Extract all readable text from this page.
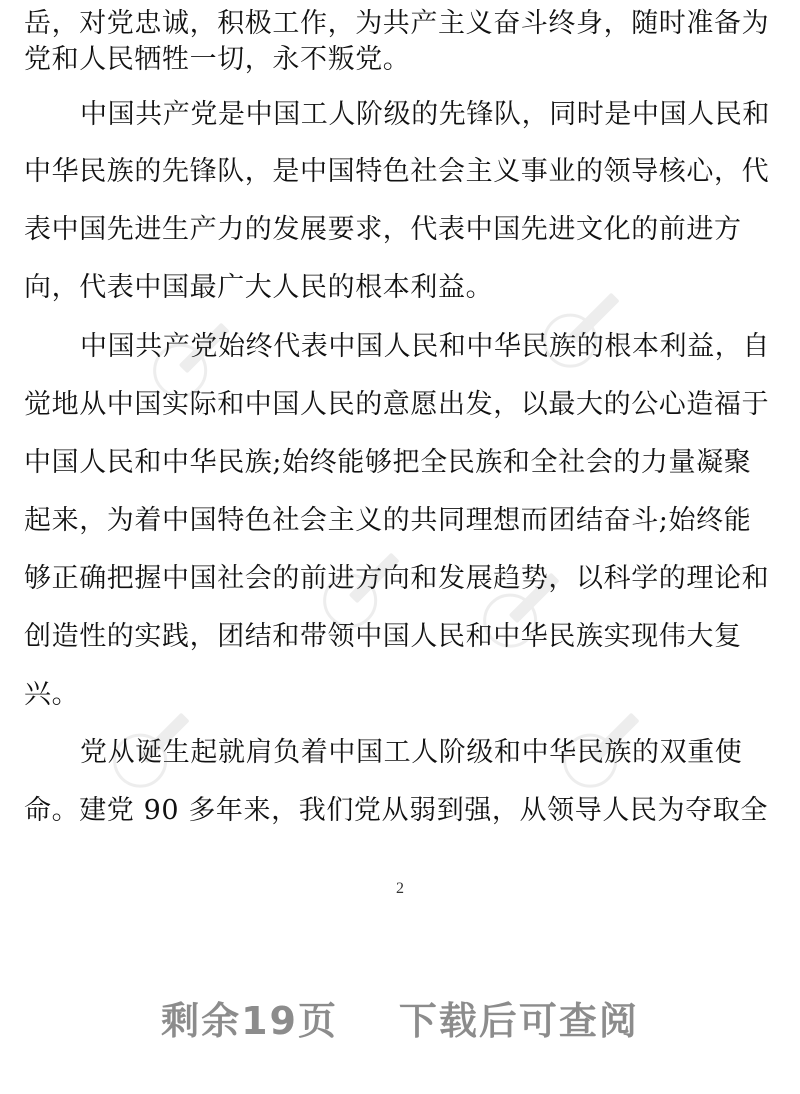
岳，对党忠诚，积极工作，为共产主义奋斗终身，随时准备为
党和人民牺牲一切，永不叛党。
中国共产党是中国工人阶级的先锋队，同时是中国人民和
中华民族的先锋队，是中国特色社会主义事业的领导核心，代
表中国先进生产力的发展要求，代表中国先进文化的前进方
向，代表中国最广大人民的根本利益。
中国共产党始终代表中国人民和中华民族的根本利益，自
觉地从中国实际和中国人民的意愿出发，以最大的公心造福于
中国人民和中华民族;始终能够把全民族和全社会的力量凝聚
起来，为着中国特色社会主义的共同理想而团结奋斗;始终能
够正确把握中国社会的前进方向和发展趋势，以科学的理论和
创造性的实践，团结和带领中国人民和中华民族实现伟大复
兴。
党从诞生起就肩负着中国工人阶级和中华民族的双重使
命。建党 90 多年来，我们党从弱到强，从领导人民为夺取全
2
剩余19页    下载后可查阅
